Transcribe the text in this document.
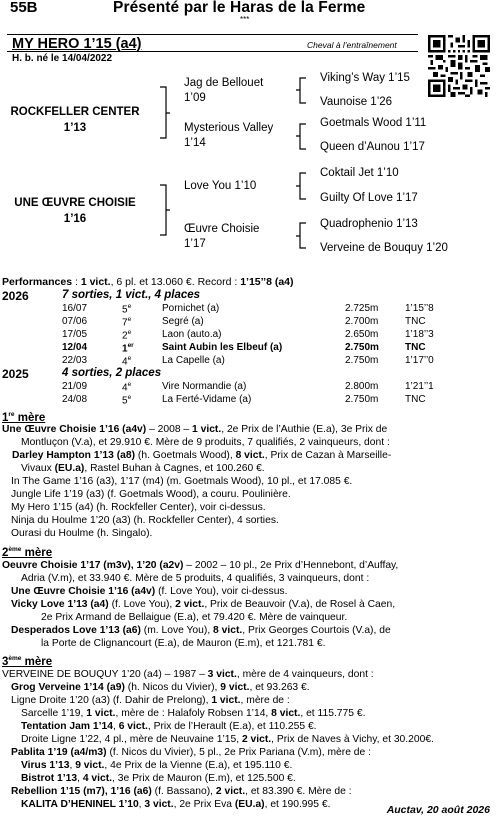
55B	Présenté par le Haras de la Ferme
***
MY HERO 1’15 (a4)	Cheval à l’entraînement
H. b. né le 14/04/2022
ROCKFELLER CENTER
1’13
UNE ŒUVRE CHOISIE
1’16
Jag de Bellouet
1’09
Mysterious Valley
1’14
Love You 1’10
Œuvre Choisie
1’17
Viking’s Way 1’15
Vaunoise 1’26
Goetmals Wood 1’11
Queen d’Aunou 1’17
Coktail Jet 1’10
Guilty Of Love 1’17
Quadrophenio 1’13
Verveine de Bouquy 1’20
Performances : 1 vict., 6 pl. et 13.060 €. Record : 1’15’’8 (a4)
2026	7 sorties, 1 vict., 4 places
16/07	5e	Pornichet (a)	2.725m	1’15’’8
07/06	7e	Segré (a)	2.700m	TNC
17/05	2e	Laon (auto.a)	2.650m	1’18’’3
12/04	1er	Saint Aubin les Elbeuf (a)	2.750m	TNC
22/03	4e	La Capelle (a)	2.750m	1’17’’0
2025	4 sorties, 2 places
21/09	4e	Vire Normandie (a)	2.800m	1’21’’1
24/08	5e	La Ferté-Vidame (a)	2.750m	TNC
1re mère
Une Œuvre Choisie 1’16 (a4v) – 2008 – 1 vict., 2e Prix de l’Authie (E.a), 3e Prix de
Montluçon (V.a), et 29.910 €. Mère de 9 produits, 7 qualifiés, 2 vainqueurs, dont :
Darley Hampton 1’13 (a8) (h. Goetmals Wood), 8 vict., Prix de Cazan à Marseille-
Vivaux (EU.a), Rastel Buhan à Cagnes, et 100.260 €.
In The Game 1’16 (a3), 1’17 (m4) (m. Goetmals Wood), 10 pl., et 17.085 €.
Jungle Life 1’19 (a3) (f. Goetmals Wood), a couru. Poulinière.
My Hero 1’15 (a4) (h. Rockfeller Center), voir ci-dessus.
Ninja du Houlme 1’20 (a3) (h. Rockfeller Center), 4 sorties.
Ourasi du Houlme (h. Singalo).
2ème mère
Oeuvre Choisie 1’17 (m3v), 1’20 (a2v) – 2002 – 10 pl., 2e Prix d’Hennebont, d’Auffay,
Adria (V.m), et 33.940 €. Mère de 5 produits, 4 qualifiés, 3 vainqueurs, dont :
Une Œuvre Choisie 1’16 (a4v) (f. Love You), voir ci-dessus.
Vicky Love 1’13 (a4) (f. Love You), 2 vict., Prix de Beauvoir (V.a), de Rosel à Caen,
2e Prix Armand de Bellaigue (E.a), et 79.420 €. Mère de vainqueur.
Desperados Love 1’13 (a6) (m. Love You), 8 vict., Prix Georges Courtois (V.a), de
la Porte de Clignancourt (E.a), de Mauron (E.m), et 121.781 €.
3ème mère
VERVEINE DE BOUQUY 1’20 (a4) – 1987 – 3 vict., mère de 4 vainqueurs, dont :
Grog Verveine 1’14 (a9) (h. Nicos du Vivier), 9 vict., et 93.263 €.
Ligne Droite 1’20 (a3) (f. Dahir de Prelong), 1 vict., mère de :
Sarcelle 1’19, 1 vict., mère de : Halafoly Robsen 1’14, 8 vict., et 115.775 €.
Tentation Jam 1’14, 6 vict., Prix de l’Herault (E.a), et 110.255 €.
Droite Ligne 1’22, 4 pl., mère de Neuvaine 1’15, 2 vict., Prix de Naves à Vichy, et 30.200€.
Pablita 1’19 (a4/m3) (f. Nicos du Vivier), 5 pl., 2e Prix Pariana (V.m), mère de :
Virus 1’13, 9 vict., 4e Prix de la Vienne (E.a), et 195.110 €.
Bistrot 1’13, 4 vict., 3e Prix de Mauron (E.m), et 125.500 €.
Rebellion 1’15 (m7), 1’16 (a6) (f. Bassano), 2 vict., et 83.390 €. Mère de :
KALITA D’HENINEL 1’10, 3 vict., 2e Prix Eva (EU.a), et 190.995 €.	Auctav, 20 août 2026
